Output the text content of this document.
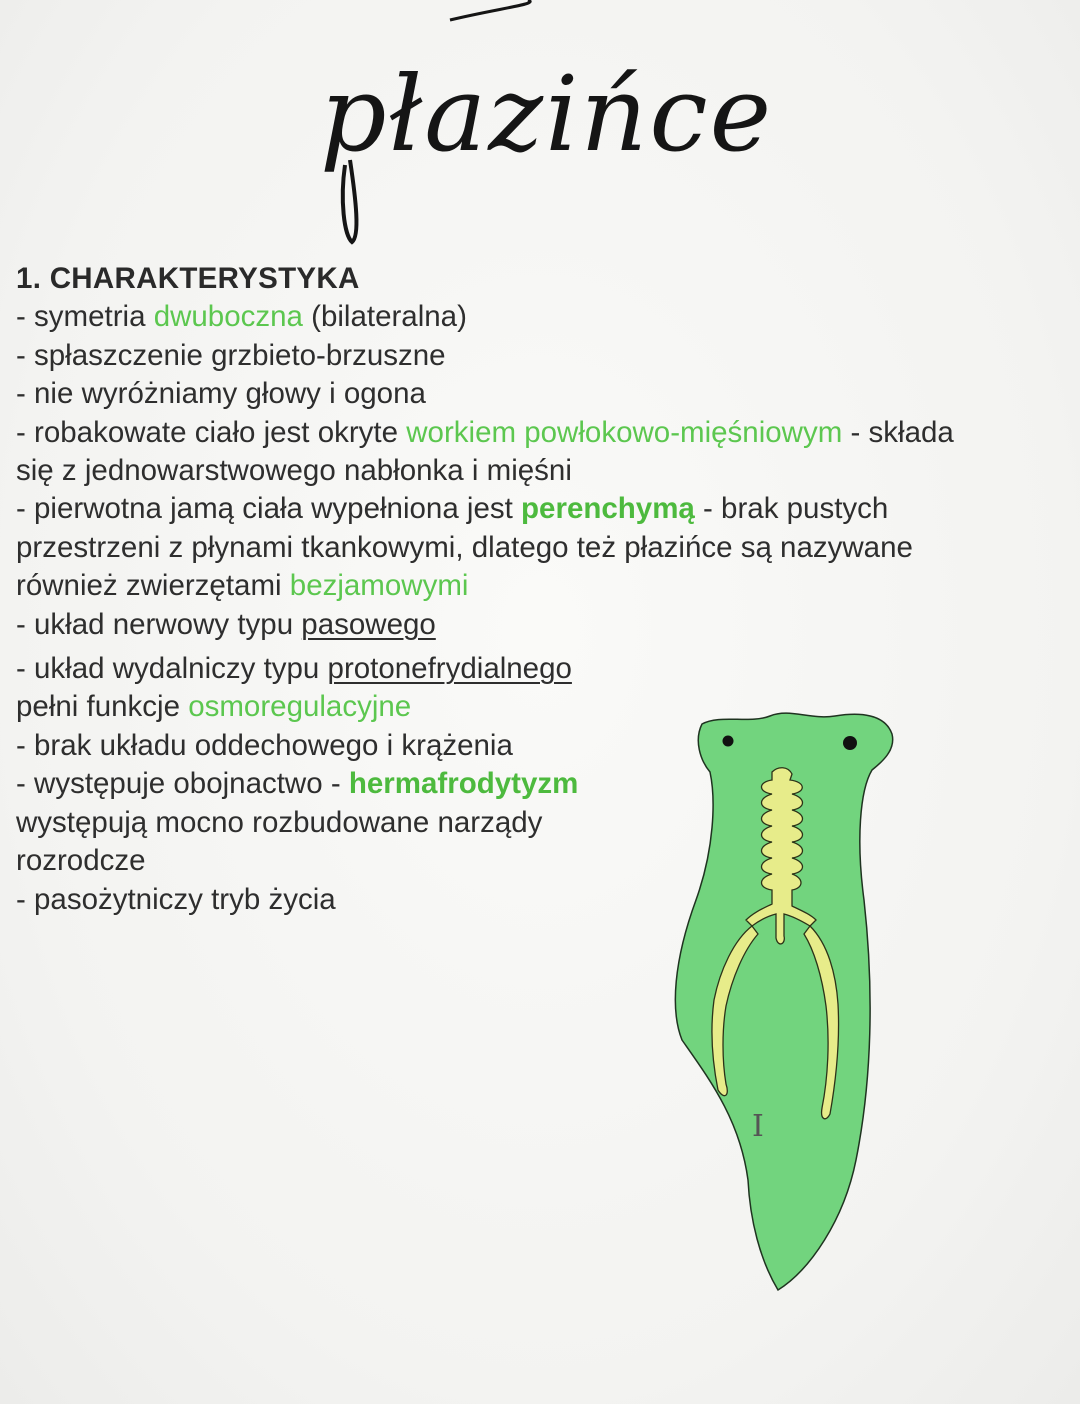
płazińce
1. CHARAKTERYSTYKA
- symetria dwuboczna (bilateralna)
- spłaszczenie grzbieto-brzuszne
- nie wyróżniamy głowy i ogona
- robakowate ciało jest okryte workiem powłokowo-mięśniowym - składa
się z jednowarstwowego nabłonka i mięśni
- pierwotna jamą ciała wypełniona jest perenchymą - brak pustych
przestrzeni z płynami tkankowymi, dlatego też płazińce są nazywane
również zwierzętami bezjamowymi
- układ nerwowy typu pasowego
- układ wydalniczy typu protonefrydialnego
pełni funkcje osmoregulacyjne
- brak układu oddechowego i krążenia
- występuje obojnactwo - hermafrodytyzm
występują mocno rozbudowane narządy
rozrodcze
- pasożytniczy tryb życia
I
